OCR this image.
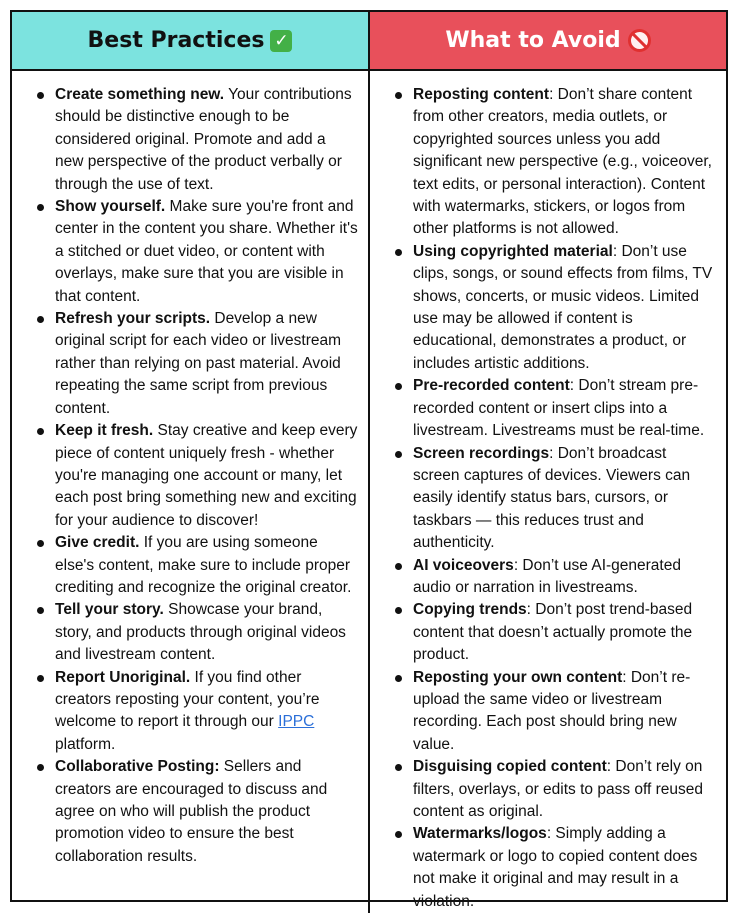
Best Practices ✓	What to Avoid
Create something new. Your contributions should be distinctive enough to be considered original. Promote and add a new perspective of the product verbally or through the use of text.
Show yourself. Make sure you're front and center in the content you share. Whether it's a stitched or duet video, or content with overlays, make sure that you are visible in that content.
Refresh your scripts. Develop a new original script for each video or livestream rather than relying on past material. Avoid repeating the same script from previous content.
Keep it fresh. Stay creative and keep every piece of content uniquely fresh - whether you're managing one account or many, let each post bring something new and exciting for your audience to discover!
Give credit. If you are using someone else's content, make sure to include proper crediting and recognize the original creator.
Tell your story. Showcase your brand, story, and products through original videos and livestream content.
Report Unoriginal. If you find other creators reposting your content, you’re welcome to report it through our IPPC platform.
Collaborative Posting: Sellers and creators are encouraged to discuss and agree on who will publish the product promotion video to ensure the best collaboration results.
Reposting content: Don’t share content from other creators, media outlets, or copyrighted sources unless you add significant new perspective (e.g., voiceover, text edits, or personal interaction). Content with watermarks, stickers, or logos from other platforms is not allowed.
Using copyrighted material: Don’t use clips, songs, or sound effects from films, TV shows, concerts, or music videos. Limited use may be allowed if content is educational, demonstrates a product, or includes artistic additions.
Pre-recorded content: Don’t stream pre-recorded content or insert clips into a livestream. Livestreams must be real-time.
Screen recordings: Don’t broadcast screen captures of devices. Viewers can easily identify status bars, cursors, or taskbars — this reduces trust and authenticity.
AI voiceovers: Don’t use AI-generated audio or narration in livestreams.
Copying trends: Don’t post trend-based content that doesn’t actually promote the product.
Reposting your own content: Don’t re-upload the same video or livestream recording. Each post should bring new value.
Disguising copied content: Don’t rely on filters, overlays, or edits to pass off reused content as original.
Watermarks/logos: Simply adding a watermark or logo to copied content does not make it original and may result in a violation.
